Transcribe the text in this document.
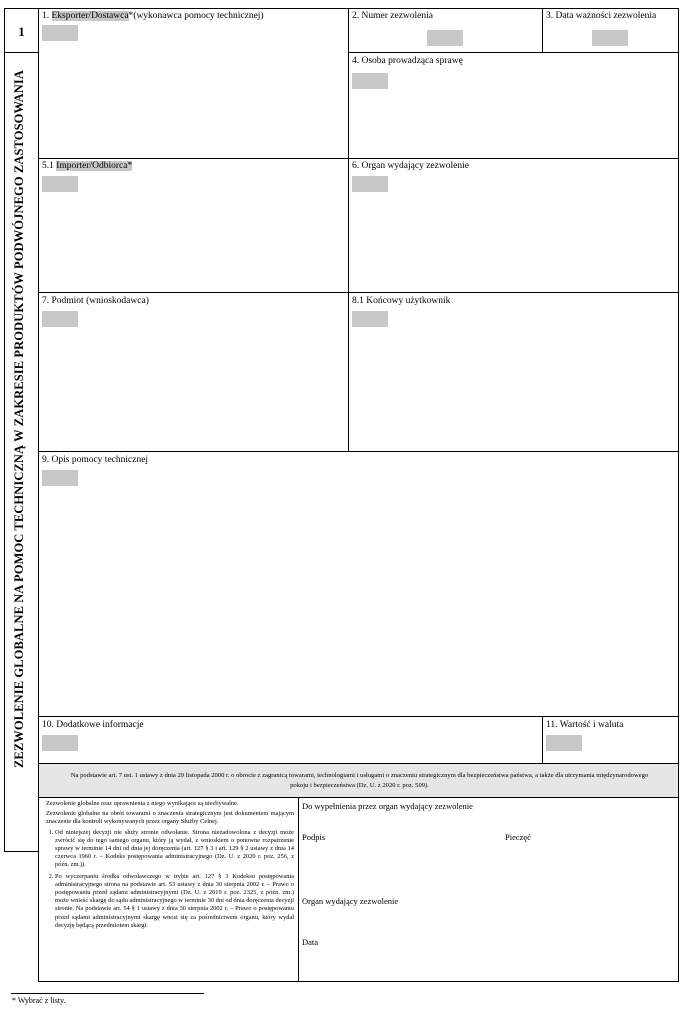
1
ZEZWOLENIE GLOBALNE NA POMOC TECHNICZNĄ W ZAKRESIE PRODUKTÓW PODWÓJNEGO ZASTOSOWANIA
1. Eksporter/Dostawca*(wykonawca pomocy technicznej)	2. Numer zezwolenia	3. Data ważności zezwolenia
4. Osoba prowadząca sprawę
5.1 Importer/Odbiorca*	6. Organ wydający zezwolenie
7. Podmiot (wnioskodawca)	8.1 Końcowy użytkownik
9. Opis pomocy technicznej
10. Dodatkowe informacje	11. Wartość i waluta
Na podstawie art. 7 ust. 1 ustawy z dnia 29 listopada 2000 r. o obrocie z zagranicą towarami, technologiami i usługami o znaczeniu strategicznym dla bezpieczeństwa państwa, a także dla utrzymania międzynarodowego pokoju i bezpieczeństwa (Dz. U. z 2020 r. poz. 509).

Zezwolenie globalne oraz uprawnienia z niego wynikające są niezbywalne.

Zezwolenie globalne na obrót towarami o znaczeniu strategicznym jest dokumentem mającym znaczenie dla kontroli wykonywanych przez organy Służby Celnej.

1. Od niniejszej decyzji nie służy stronie odwołanie. Strona niezadowolona z decyzji może zwrócić się do tego samego organu, który ją wydał, z wnioskiem o ponowne rozpatrzenie sprawy w terminie 14 dni od dnia jej doręczenia (art. 127 § 3 i art. 129 § 2 ustawy z dnia 14 czerwca 1960 r. – Kodeks postępowania administracyjnego (Dz. U. z 2020 r. poz. 256, z późn. zm.)).
2. Po wyczerpaniu środka odwoławczego w trybie art. 127 § 3 Kodeksu postępowania administracyjnego strona na podstawie art. 53 ustawy z dnia 30 sierpnia 2002 r. – Prawo o postępowaniu przed sądami administracyjnymi (Dz. U. z 2019 r. poz. 2325, z późn. zm.) może wnieść skargę do sądu administracyjnego w terminie 30 dni od dnia doręczenia decyzji stronie. Na podstawie art. 54 § 1 ustawy z dnia 30 sierpnia 2002 r. – Prawo o postępowaniu przed sądami administracyjnymi skargę wnosi się za pośrednictwem organu, który wydał decyzję będącą przedmiotem skargi.
Do wypełnienia przez organ wydający zezwolenie
Podpis	Pieczęć
Organ wydający zezwolenie
Data
* Wybrać z listy.
